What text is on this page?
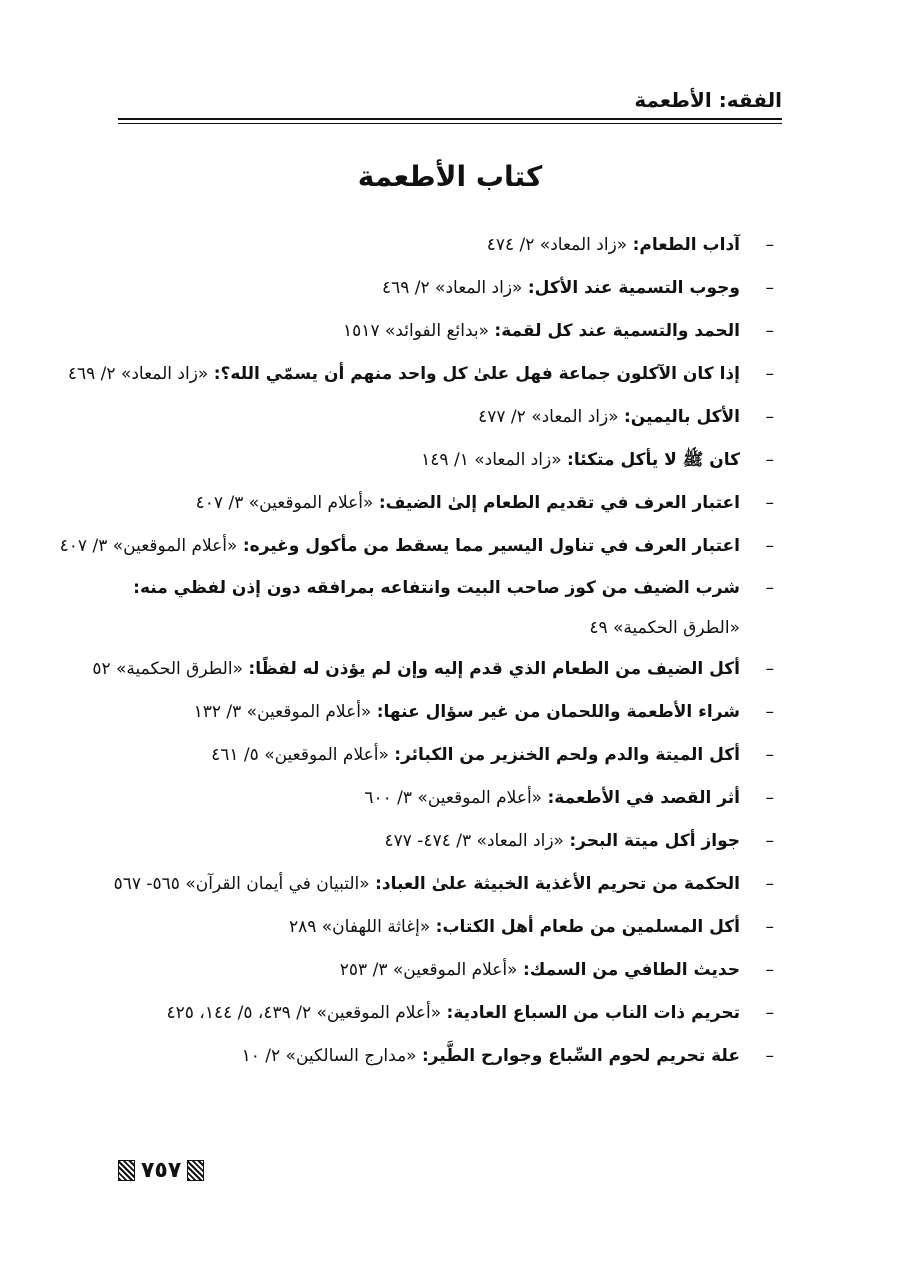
الفقه: الأطعمة
كتاب الأطعمة
–
آداب الطعام: «زاد المعاد» ٢/ ٤٧٤
–
وجوب التسمية عند الأكل: «زاد المعاد» ٢/ ٤٦٩
–
الحمد والتسمية عند كل لقمة: «بدائع الفوائد» ١٥١٧
–
إذا كان الآكلون جماعة فهل علىٰ كل واحد منهم أن يسمّي الله؟: «زاد المعاد» ٢/ ٤٦٩
–
الأكل باليمين: «زاد المعاد» ٢/ ٤٧٧
–
كان ﷺ لا يأكل متكئا: «زاد المعاد» ١/ ١٤٩
–
اعتبار العرف في تقديم الطعام إلىٰ الضيف: «أعلام الموقعين» ٣/ ٤٠٧
–
اعتبار العرف في تناول اليسير مما يسقط من مأكول وغيره: «أعلام الموقعين» ٣/ ٤٠٧
–
شرب الضيف من كوز صاحب البيت وانتفاعه بمرافقه دون إذن لفظي منه: «الطرق الحكمية» ٤٩
–
أكل الضيف من الطعام الذي قدم إليه وإن لم يؤذن له لفظًا: «الطرق الحكمية» ٥٢
–
شراء الأطعمة واللحمان من غير سؤال عنها: «أعلام الموقعين» ٣/ ١٣٢
–
أكل الميتة والدم ولحم الخنزير من الكبائر: «أعلام الموقعين» ٥/ ٤٦١
–
أثر القصد في الأطعمة: «أعلام الموقعين» ٣/ ٦٠٠
–
جواز أكل ميتة البحر: «زاد المعاد» ٣/ ٤٧٤- ٤٧٧
–
الحكمة من تحريم الأغذية الخبيثة علىٰ العباد: «التبيان في أيمان القرآن» ٥٦٥- ٥٦٧
–
أكل المسلمين من طعام أهل الكتاب: «إغاثة اللهفان» ٢٨٩
–
حديث الطافي من السمك: «أعلام الموقعين» ٣/ ٢٥٣
–
تحريم ذات الناب من السباع العادية: «أعلام الموقعين» ٢/ ٤٣٩، ٥/ ١٤٤، ٤٢٥
–
علة تحريم لحوم السِّباع وجوارح الطَّير: «مدارج السالكين» ٢/ ١٠
٧٥٧
